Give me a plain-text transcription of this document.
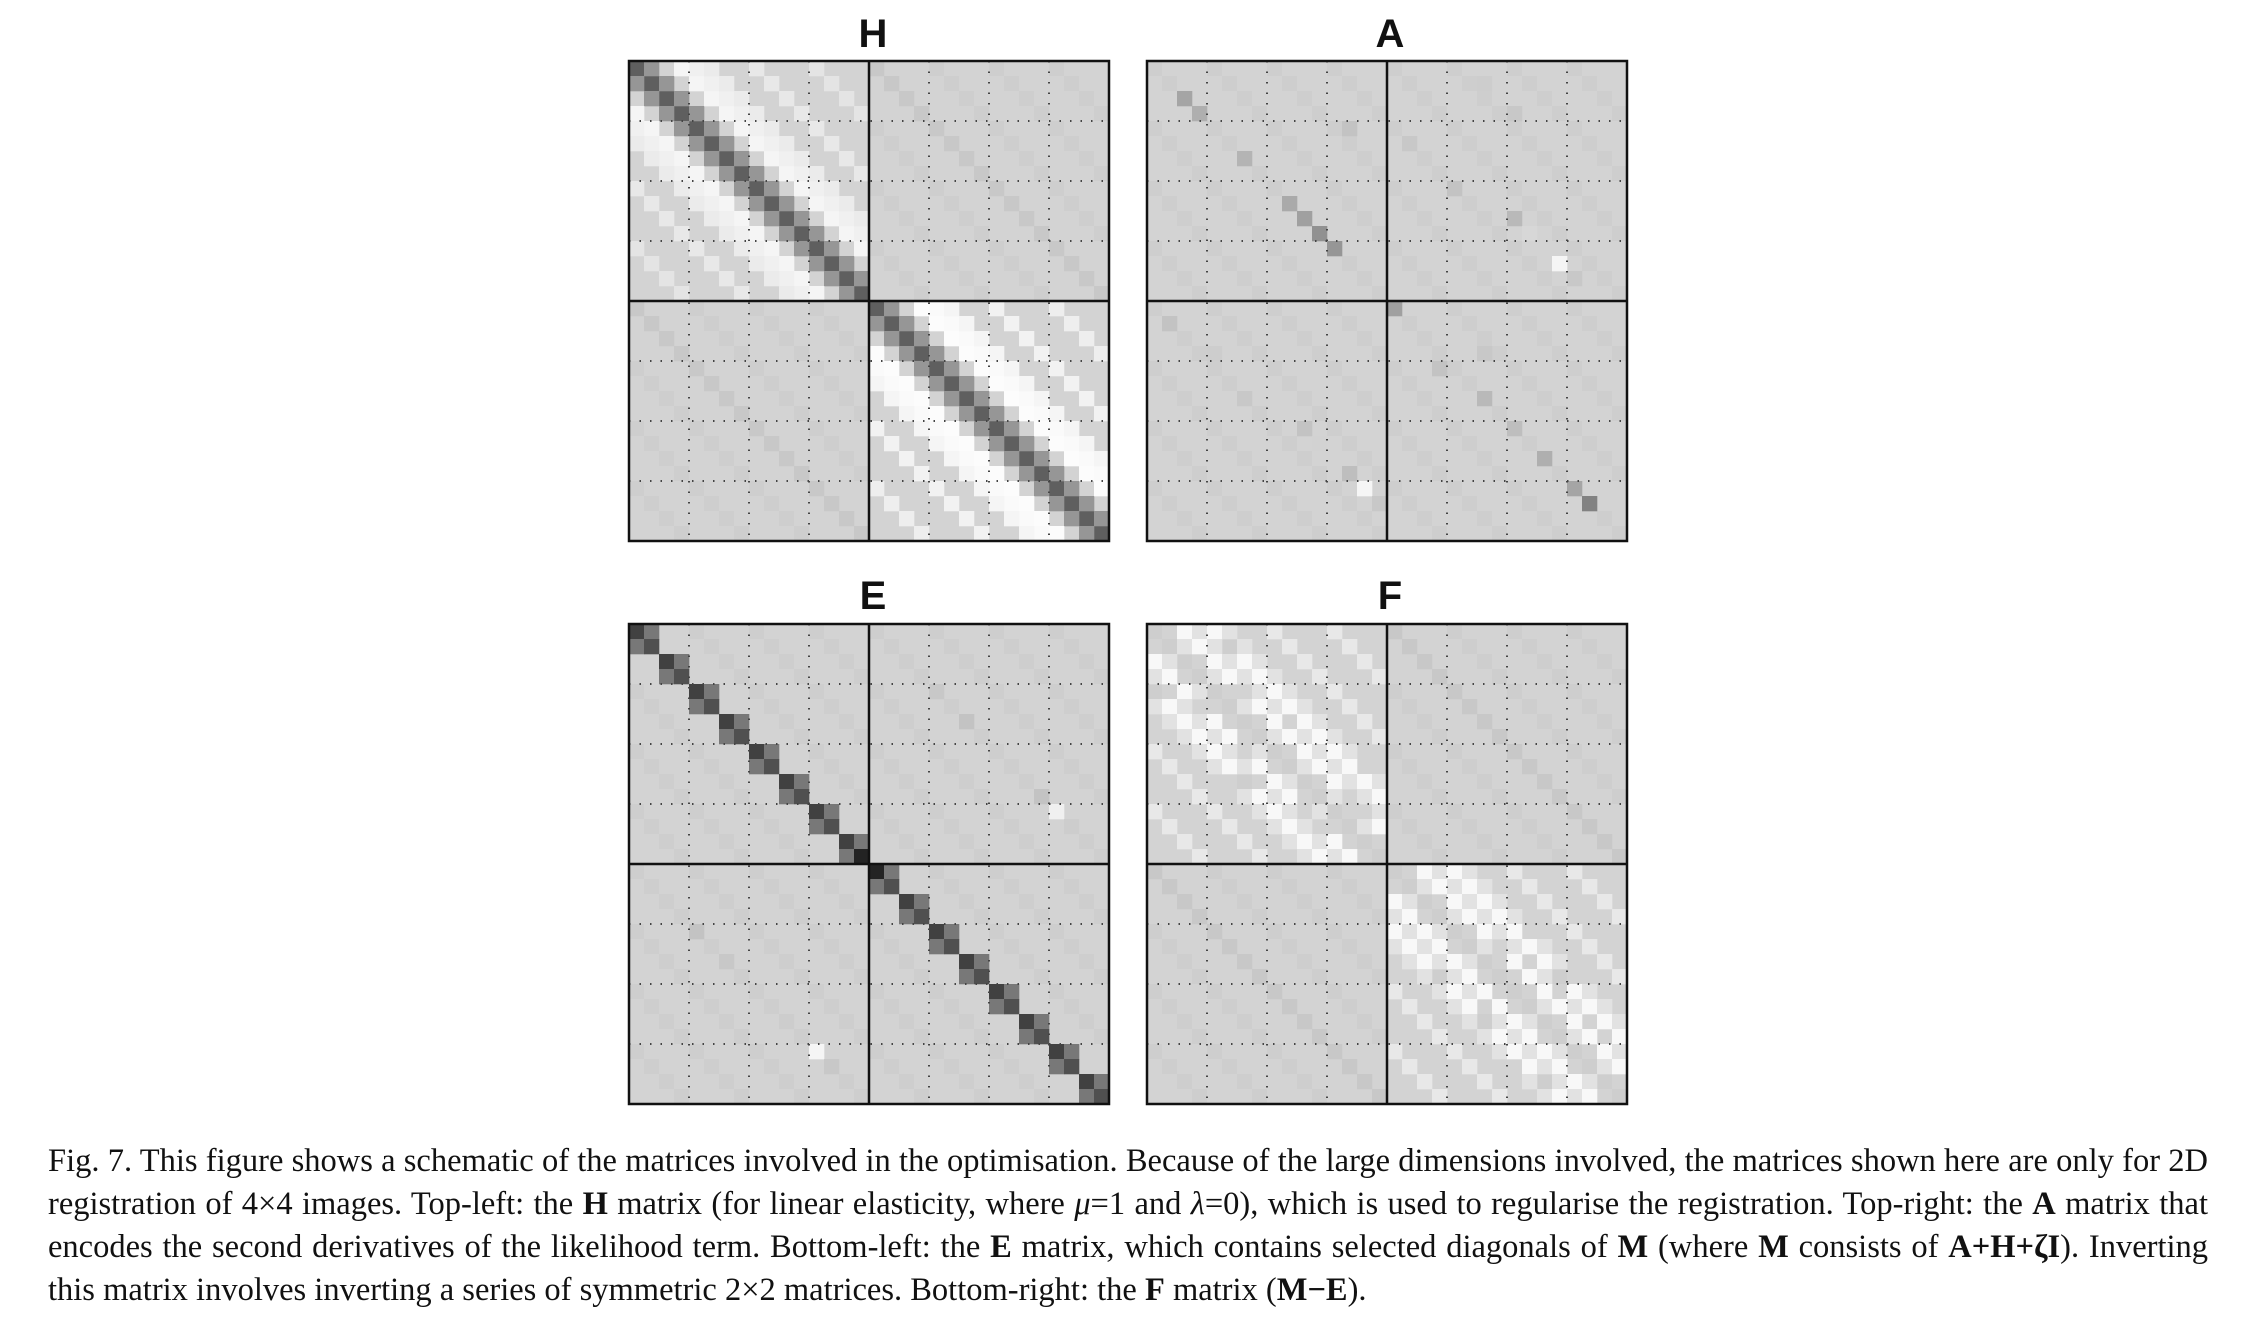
H	A
E	F
Fig. 7. This figure shows a schematic of the matrices involved in the optimisation. Because of the large dimensions involved, the matrices shown here are only for 2D registration of 4×4 images. Top-left: the H matrix (for linear elasticity, where μ=1 and λ=0), which is used to regularise the registration. Top-right: the A matrix that encodes the second derivatives of the likelihood term. Bottom-left: the E matrix, which contains selected diagonals of M (where M consists of A+H+ζI). Inverting this matrix involves inverting a series of symmetric 2×2 matrices. Bottom-right: the F matrix (M−E).
